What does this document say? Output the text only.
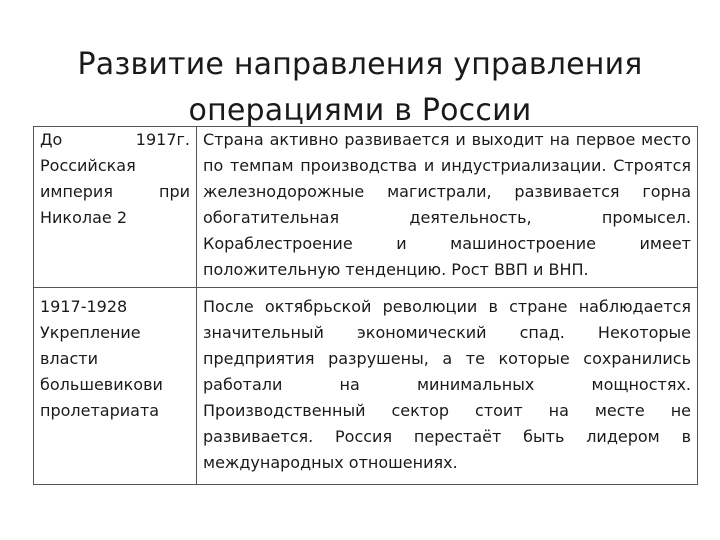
Развитие направления управления
операциями в России
До 1917г. Российская империя при Николае 2	Страна активно развивается и выходит на первое место по темпам производства и индустриализации. Строятся железнодорожные магистрали, развивается горна обогатительная деятельность, промысел. Кораблестроение и машиностроение имеет положительную тенденцию. Рост ВВП и ВНП.
1917-1928 Укрепление власти большевикови пролетариата	После октябрьской революции в стране наблюдается значительный экономический спад. Некоторые предприятия разрушены, а те которые сохранились работали на минимальных мощностях. Производственный сектор стоит на месте не развивается. Россия перестаёт быть лидером в международных отношениях.
